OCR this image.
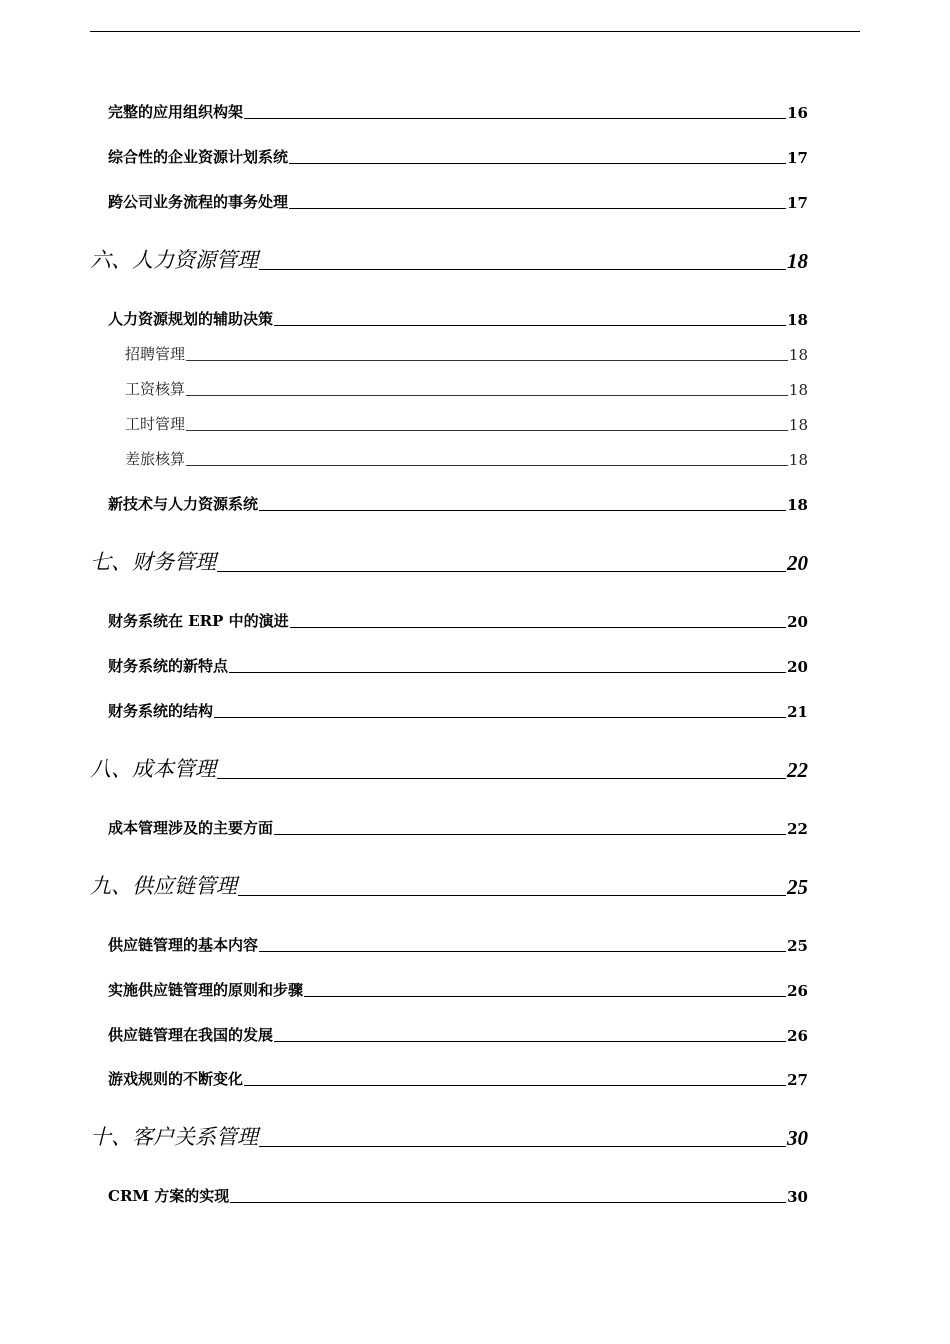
完整的应用组织构架	16
综合性的企业资源计划系统	17
跨公司业务流程的事务处理	17
六、人力资源管理	18
人力资源规划的辅助决策	18
招聘管理	18
工资核算	18
工时管理	18
差旅核算	18
新技术与人力资源系统	18
七、财务管理	20
财务系统在 ERP 中的演进	20
财务系统的新特点	20
财务系统的结构	21
八、成本管理	22
成本管理涉及的主要方面	22
九、供应链管理	25
供应链管理的基本内容	25
实施供应链管理的原则和步骤	26
供应链管理在我国的发展	26
游戏规则的不断变化	27
十、客户关系管理	30
CRM 方案的实现	30
